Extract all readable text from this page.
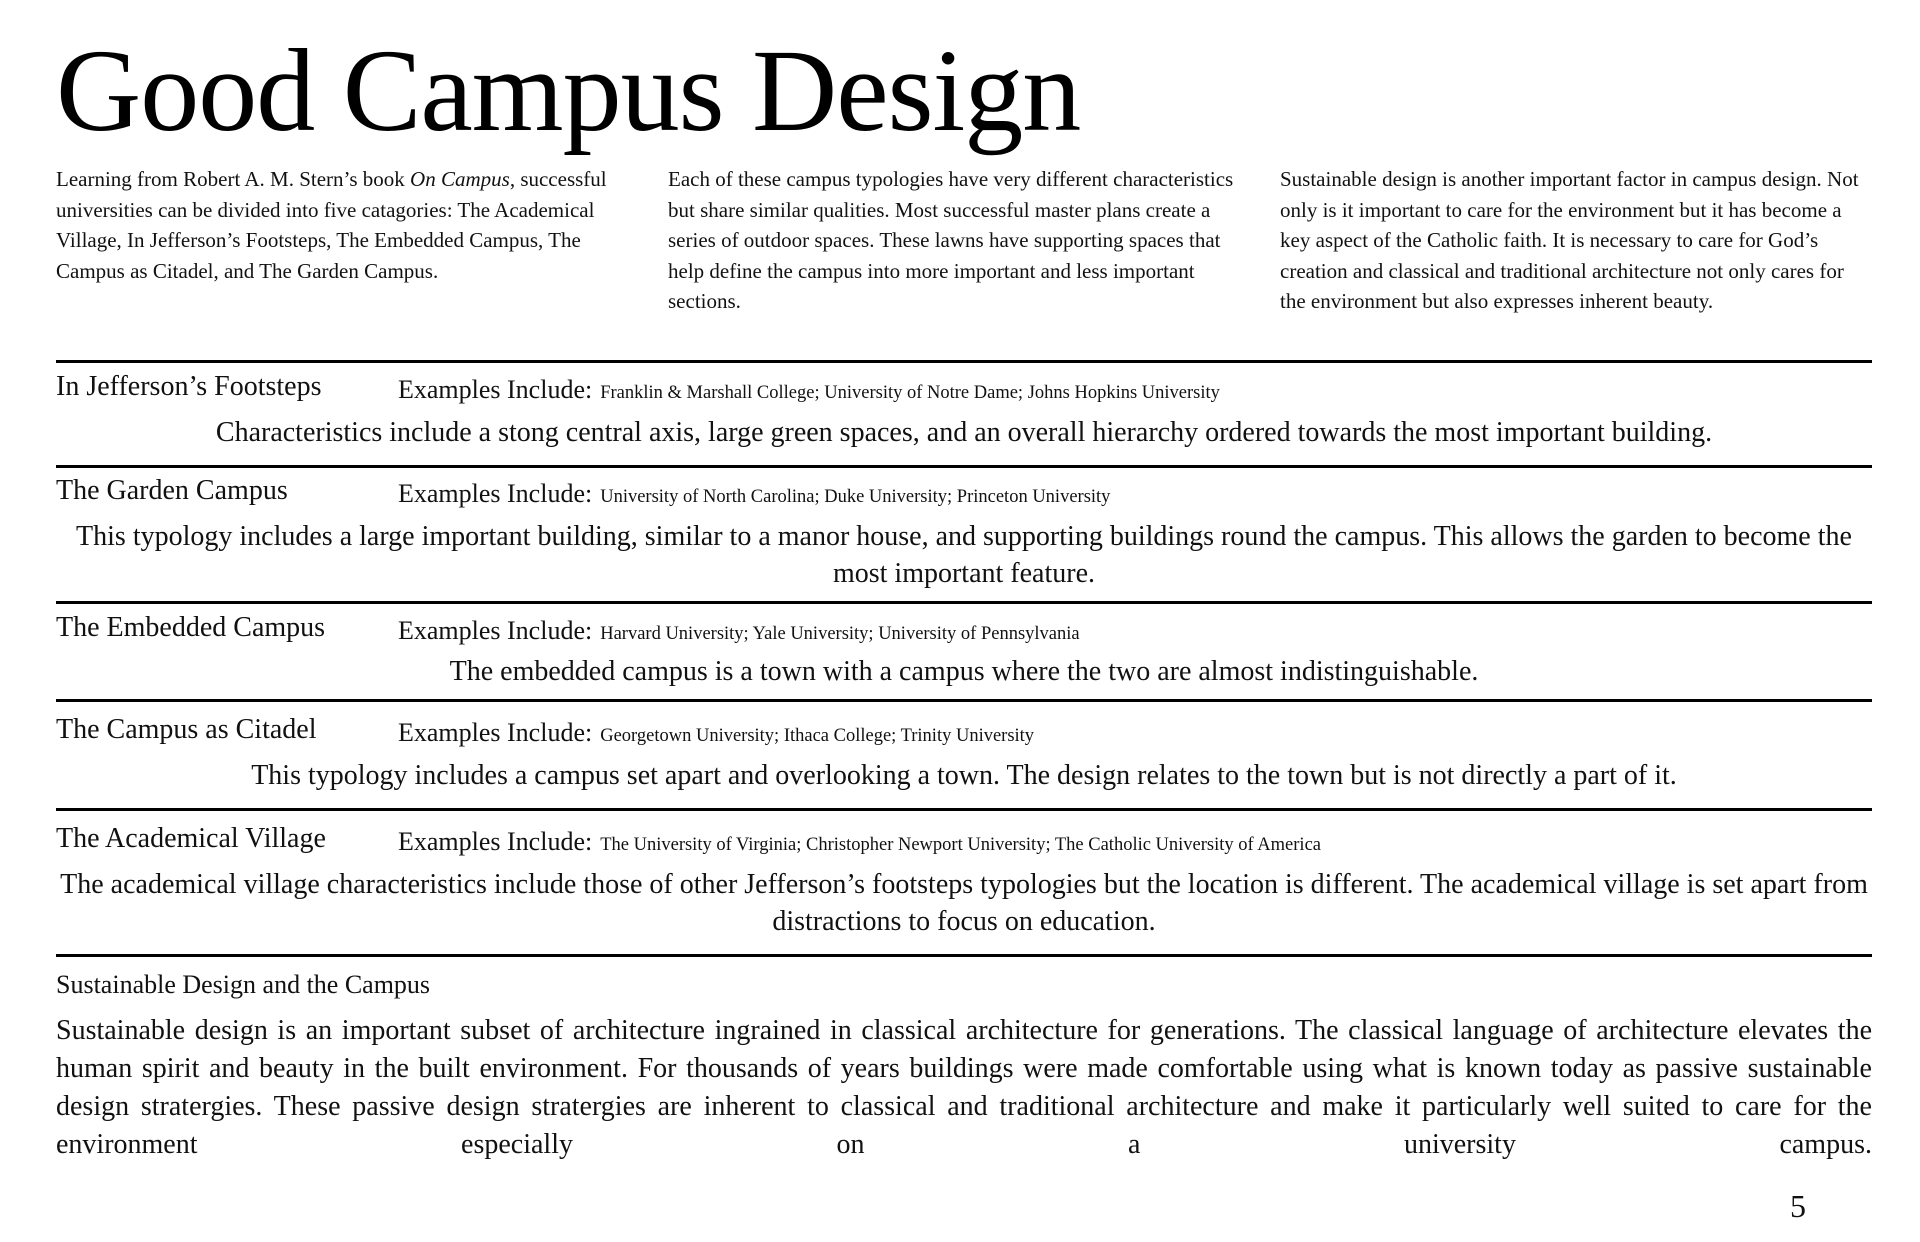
Good Campus Design

Learning from Robert A. M. Stern’s book On Campus, successful universities can be divided into five catagories: The Academical Village, In Jefferson’s Footsteps, The Embedded Campus, The Campus as Citadel, and The Garden Campus.

Each of these campus typologies have very different characteristics but share similar qualities. Most successful master plans create a series of outdoor spaces. These lawns have supporting spaces that help define the campus into more important and less important sections.

Sustainable design is another important factor in campus design. Not only is it important to care for the environment but it has become a key aspect of the Catholic faith. It is necessary to care for God’s creation and classical and traditional architecture not only cares for the environment but also expresses inherent beauty.

In Jefferson’s Footsteps	Examples Include: Franklin & Marshall College; University of Notre Dame; Johns Hopkins University

Characteristics include a stong central axis, large green spaces, and an overall hierarchy ordered towards the most important building.

The Garden Campus	Examples Include: University of North Carolina; Duke University; Princeton University

This typology includes a large important building, similar to a manor house, and supporting buildings round the campus. This allows the garden to become the most important feature.

The Embedded Campus	Examples Include: Harvard University; Yale University; University of Pennsylvania

The embedded campus is a town with a campus where the two are almost indistinguishable.

The Campus as Citadel	Examples Include: Georgetown University; Ithaca College; Trinity University

This typology includes a campus set apart and overlooking a town. The design relates to the town but is not directly a part of it.

The Academical Village	Examples Include: The University of Virginia; Christopher Newport University; The Catholic University of America

The academical village characteristics include those of other Jefferson’s footsteps typologies but the location is different. The academical village is set apart from distractions to focus on education.

Sustainable Design and the Campus

Sustainable design is an important subset of architecture ingrained in classical architecture for generations. The classical language of architecture elevates the human spirit and beauty in the built environment. For thousands of years buildings were made comfortable using what is known today as passive sustainable design stratergies. These passive design stratergies are inherent to classical and traditional architecture and make it particularly well suited to care for the environment especially on a university campus.

5
